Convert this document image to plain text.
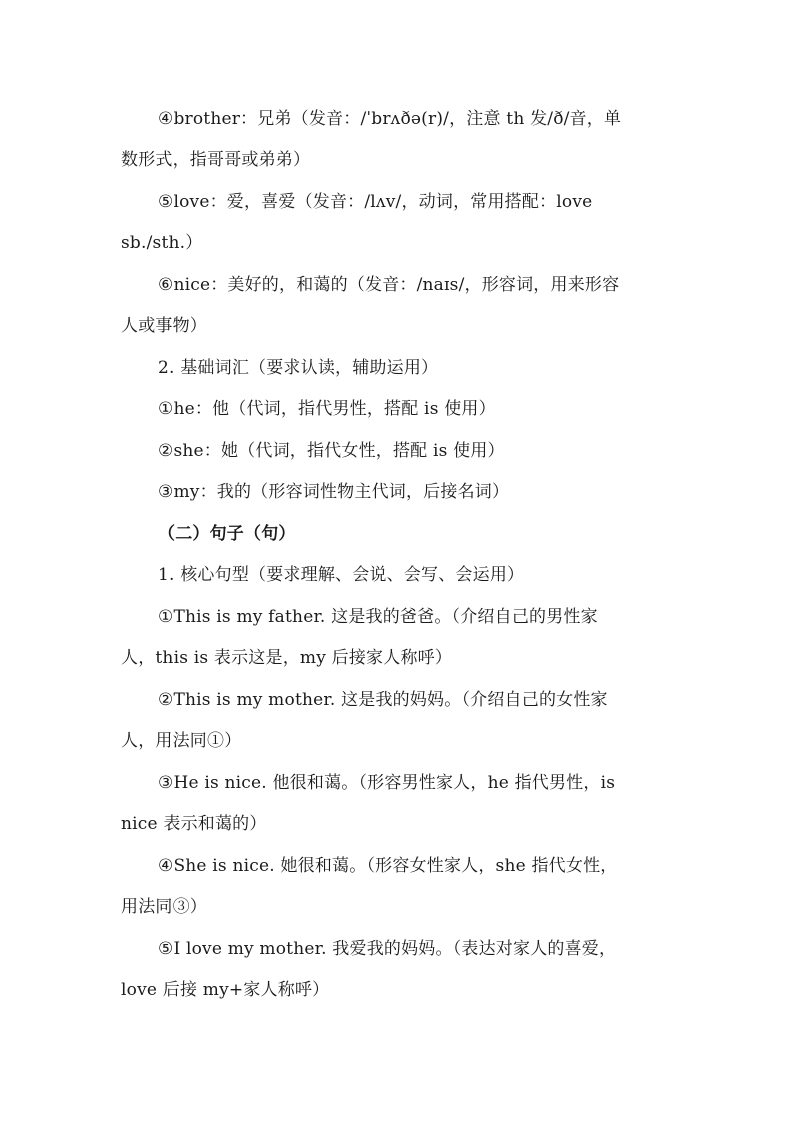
④brother：兄弟（发音：/ˈbrʌðə(r)/，注意 th 发/ð/音，单
数形式，指哥哥或弟弟）
⑤love：爱，喜爱（发音：/lʌv/，动词，常用搭配：love
sb./sth.）
⑥nice：美好的，和蔼的（发音：/naɪs/，形容词，用来形容
人或事物）
2. 基础词汇（要求认读，辅助运用）
①he：他（代词，指代男性，搭配 is 使用）
②she：她（代词，指代女性，搭配 is 使用）
③my：我的（形容词性物主代词，后接名词）
（二）句子（句）
1. 核心句型（要求理解、会说、会写、会运用）
①This is my father. 这是我的爸爸。（介绍自己的男性家
人，this is 表示这是，my 后接家人称呼）
②This is my mother. 这是我的妈妈。（介绍自己的女性家
人，用法同①）
③He is nice. 他很和蔼。（形容男性家人，he 指代男性，is
nice 表示和蔼的）
④She is nice. 她很和蔼。（形容女性家人，she 指代女性，
用法同③）
⑤I love my mother. 我爱我的妈妈。（表达对家人的喜爱，
love 后接 my+家人称呼）
